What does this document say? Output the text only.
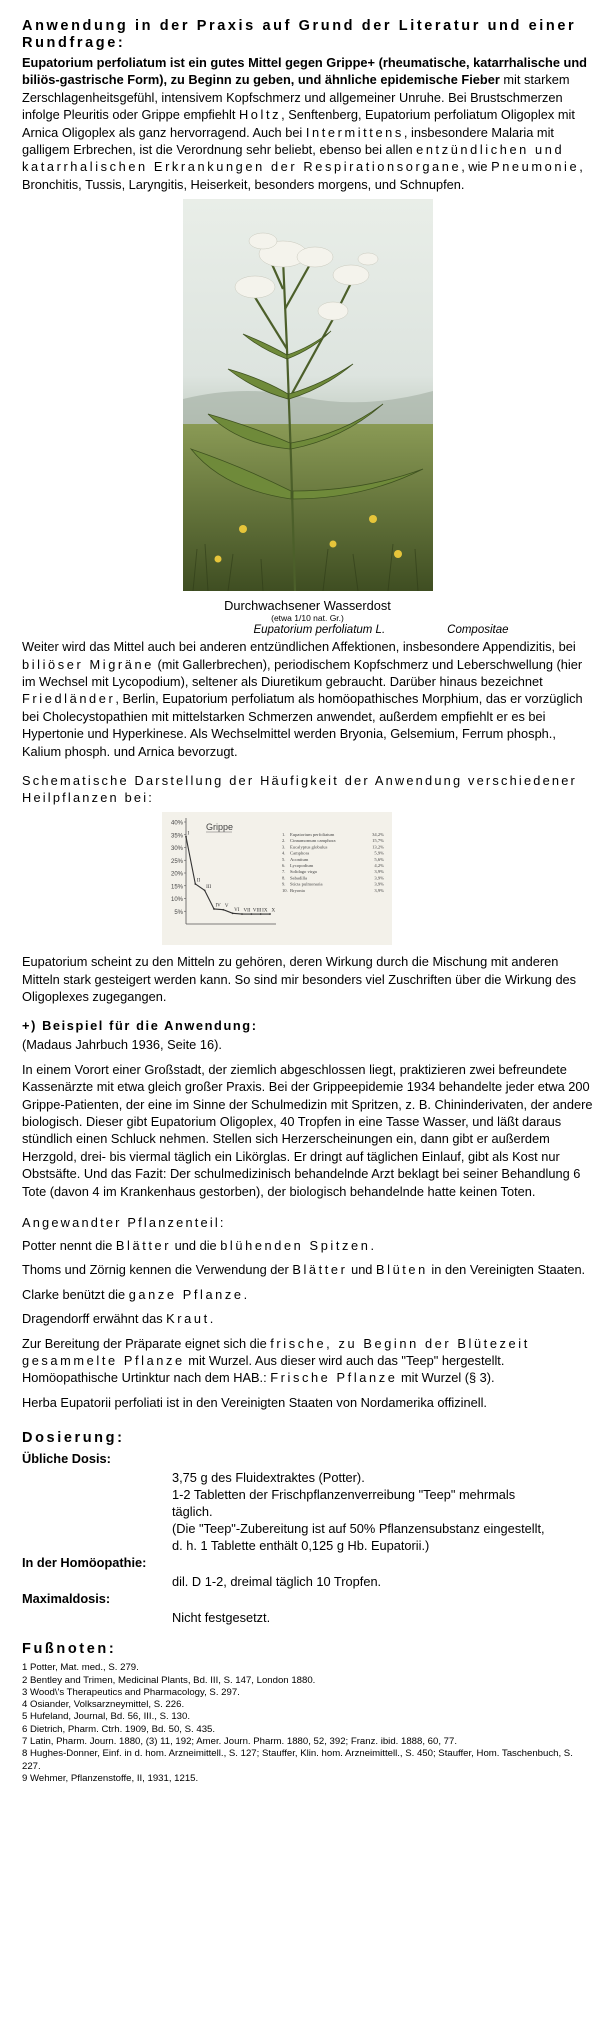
Anwendung in der Praxis auf Grund der Literatur und einer Rundfrage:

Eupatorium perfoliatum ist ein gutes Mittel gegen Grippe+ (rheumatische, katarrhalische und biliös-gastrische Form), zu Beginn zu geben, und ähnliche epidemische Fieber mit starkem Zerschlagenheitsgefühl, intensivem Kopfschmerz und allgemeiner Unruhe. Bei Brustschmerzen infolge Pleuritis oder Grippe empfiehlt Holtz, Senftenberg, Eupatorium perfoliatum Oligoplex mit Arnica Oligoplex als ganz hervorragend. Auch bei Intermittens, insbesondere Malaria mit galligem Erbrechen, ist die Verordnung sehr beliebt, ebenso bei allen entzündlichen und katarrhalischen Erkrankungen der Respirationsorgane, wie Pneumonie, Bronchitis, Tussis, Laryngitis, Heiserkeit, besonders morgens, und Schnupfen.

Durchwachsener Wasserdost
(etwa 1/10 nat. Gr.)
Eupatorium perfoliatum L.	Compositae

Weiter wird das Mittel auch bei anderen entzündlichen Affektionen, insbesondere Appendizitis, bei biliöser Migräne (mit Gallerbrechen), periodischem Kopfschmerz und Leberschwellung (hier im Wechsel mit Lycopodium), seltener als Diuretikum gebraucht. Darüber hinaus bezeichnet Friedländer, Berlin, Eupatorium perfoliatum als homöopathisches Morphium, das er vorzüglich bei Cholecystopathien mit mittelstarken Schmerzen anwendet, außerdem empfiehlt er es bei Hypertonie und Hyperkinese. Als Wechselmittel werden Bryonia, Gelsemium, Ferrum phosph., Kalium phosph. und Arnica bevorzugt.

Schematische Darstellung der Häufigkeit der Anwendung verschiedener Heilpflanzen bei:
40%
35%
30%
25%
20%
15%
10%
5%
Grippe
I
II
III
IV V
VI VII VIII IX X
1. Eupatorium perfoliatum	34,2%
2. Cinnamomum camphora	15,7%
3. Eucalyptus globulus	13,2%
4. Camphora	5,9%
5. Aconitum	5,6%
6. Lycopodium	4,2%
7. Solidago virga	3,9%
8. Sabadilla	3,9%
9. Sticta pulmonaria	3,9%
10. Bryonia	3,9%

Eupatorium scheint zu den Mitteln zu gehören, deren Wirkung durch die Mischung mit anderen Mitteln stark gesteigert werden kann. So sind mir besonders viel Zuschriften über die Wirkung des Oligoplexes zugegangen.

+) Beispiel für die Anwendung:

(Madaus Jahrbuch 1936, Seite 16).

In einem Vorort einer Großstadt, der ziemlich abgeschlossen liegt, praktizieren zwei befreundete Kassenärzte mit etwa gleich großer Praxis. Bei der Grippeepidemie 1934 behandelte jeder etwa 200 Grippe-Patienten, der eine im Sinne der Schulmedizin mit Spritzen, z. B. Chininderivaten, der andere biologisch. Dieser gibt Eupatorium Oligoplex, 40 Tropfen in eine Tasse Wasser, und läßt daraus stündlich einen Schluck nehmen. Stellen sich Herzerscheinungen ein, dann gibt er außerdem Herzgold, drei- bis viermal täglich ein Likörglas. Er dringt auf täglichen Einlauf, gibt als Kost nur Obstsäfte. Und das Fazit: Der schulmedizinisch behandelnde Arzt beklagt bei seiner Behandlung 6 Tote (davon 4 im Krankenhaus gestorben), der biologisch behandelnde hatte keinen Toten.

Angewandter Pflanzenteil:

Potter nennt die Blätter und die blühenden Spitzen.

Thoms und Zörnig kennen die Verwendung der Blätter und Blüten in den Vereinigten Staaten.

Clarke benützt die ganze Pflanze.

Dragendorff erwähnt das Kraut.

Zur Bereitung der Präparate eignet sich die frische, zu Beginn der Blütezeit gesammelte Pflanze mit Wurzel. Aus dieser wird auch das "Teep" hergestellt. Homöopathische Urtinktur nach dem HAB.: Frische Pflanze mit Wurzel (§ 3).

Herba Eupatorii perfoliati ist in den Vereinigten Staaten von Nordamerika offizinell.

Dosierung:
Übliche Dosis:
3,75 g des Fluidextraktes (Potter).
1-2 Tabletten der Frischpflanzenverreibung "Teep" mehrmals täglich.
(Die "Teep"-Zubereitung ist auf 50% Pflanzensubstanz eingestellt, d. h. 1 Tablette enthält 0,125 g Hb. Eupatorii.)
In der Homöopathie:
dil. D 1-2, dreimal täglich 10 Tropfen.
Maximaldosis:
Nicht festgesetzt.
Fußnoten:
1 Potter, Mat. med., S. 279.
2 Bentley and Trimen, Medicinal Plants, Bd. III, S. 147, London 1880.
3 Wood\'s Therapeutics and Pharmacology, S. 297.
4 Osiander, Volksarzneymittel, S. 226.
5 Hufeland, Journal, Bd. 56, III., S. 130.
6 Dietrich, Pharm. Ctrh. 1909, Bd. 50, S. 435.
7 Latin, Pharm. Journ. 1880, (3) 11, 192; Amer. Journ. Pharm. 1880, 52, 392; Franz. ibid. 1888, 60, 77.
8 Hughes-Donner, Einf. in d. hom. Arzneimittell., S. 127; Stauffer, Klin. hom. Arzneimittell., S. 450; Stauffer, Hom. Taschenbuch, S. 227.
9 Wehmer, Pflanzenstoffe, II, 1931, 1215.
